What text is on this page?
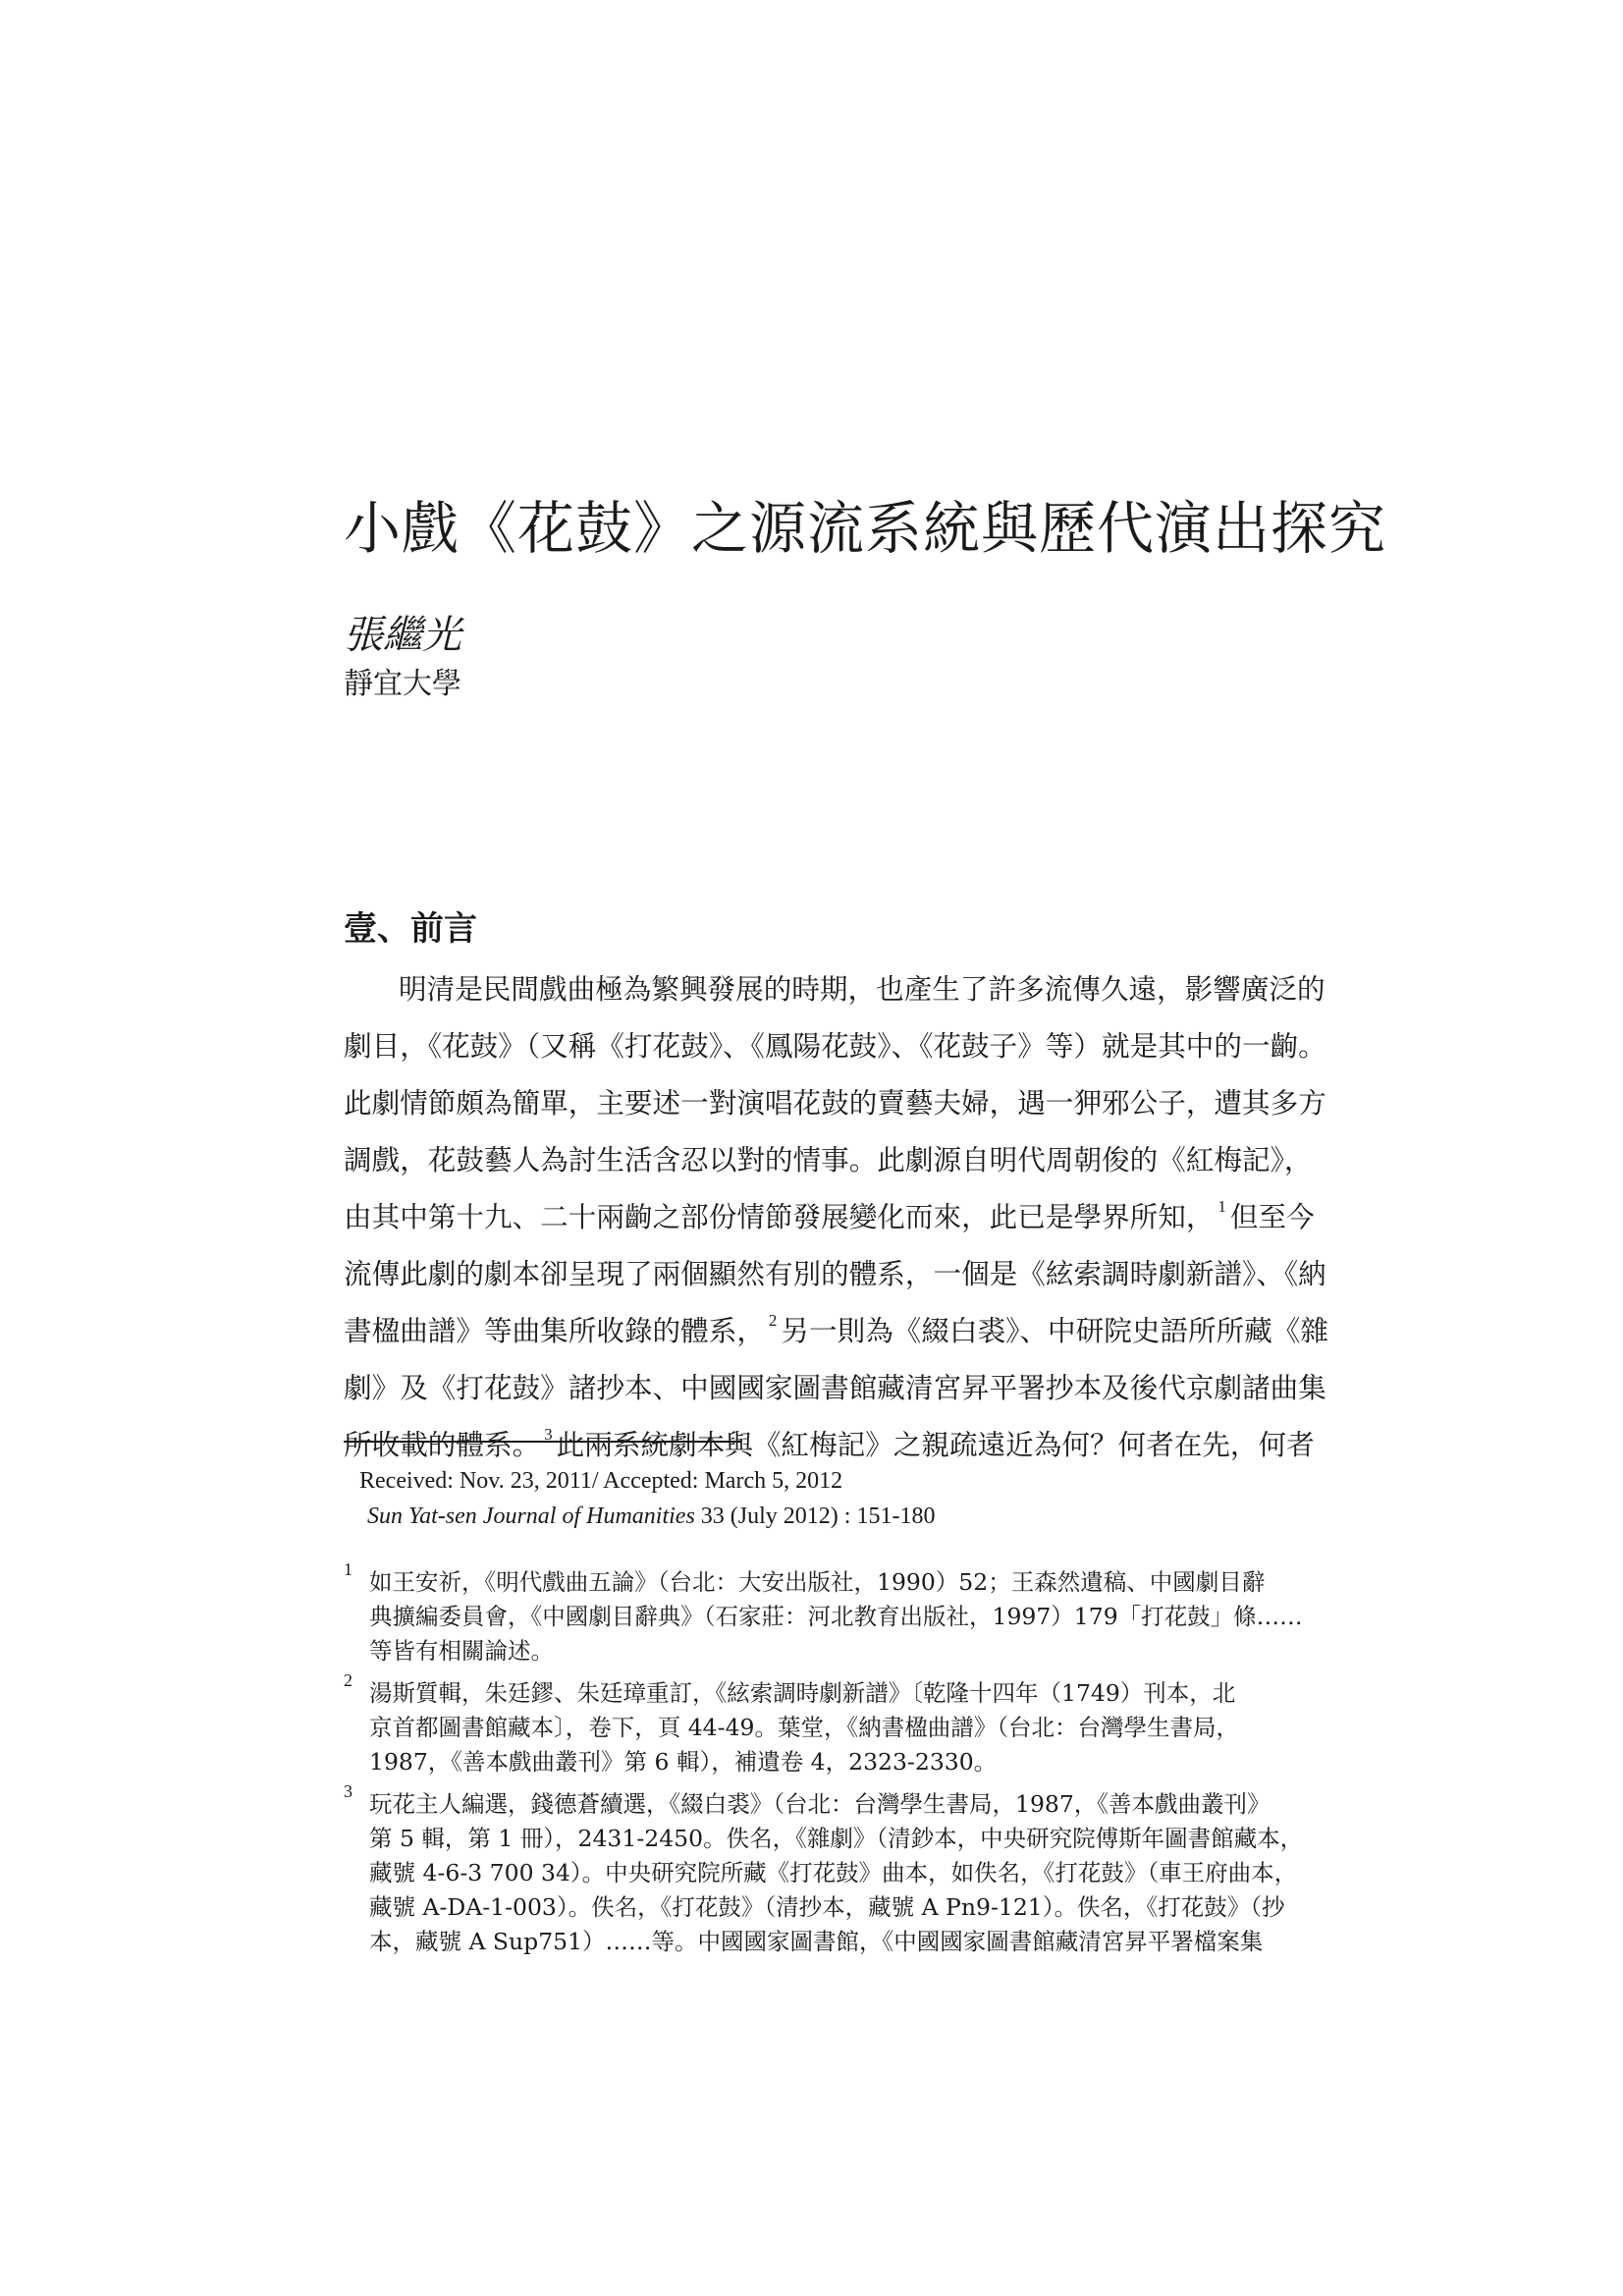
小戲《花鼓》之源流系統與歷代演出探究
張繼光
靜宜大學
壹、前言
明清是民間戲曲極為繁興發展的時期，也產生了許多流傳久遠，影響廣泛的
劇目，《花鼓》（又稱《打花鼓》、《鳳陽花鼓》、《花鼓子》等）就是其中的一齣。
此劇情節頗為簡單，主要述一對演唱花鼓的賣藝夫婦，遇一狎邪公子，遭其多方
調戲，花鼓藝人為討生活含忍以對的情事。此劇源自明代周朝俊的《紅梅記》，
由其中第十九、二十兩齣之部份情節發展變化而來，此已是學界所知， $^1$ 但至今
流傳此劇的劇本卻呈現了兩個顯然有別的體系，一個是《絃索調時劇新譜》、《納
書楹曲譜》等曲集所收錄的體系， $^2$ 另一則為《綴白裘》、中研院史語所所藏《雜
劇》及《打花鼓》諸抄本、中國國家圖書館藏清宮昇平署抄本及後代京劇諸曲集
所收載的體系。 $^3$ 此兩系統劇本與《紅梅記》之親疏遠近為何？何者在先，何者
Received: Nov. 23, 2011/ Accepted: March 5, 2012
Sun Yat-sen Journal of Humanities 33 (July 2012) : 151-180
1 如王安祈，《明代戲曲五論》（台北：大安出版社，1990）52；王森然遺稿、中國劇目辭
典擴編委員會，《中國劇目辭典》（石家莊：河北教育出版社，1997）179「打花鼓」條……
等皆有相關論述。
2 湯斯質輯，朱廷鏐、朱廷璋重訂，《絃索調時劇新譜》〔乾隆十四年（1749）刊本，北
京首都圖書館藏本〕，卷下，頁 44-49。葉堂，《納書楹曲譜》（台北：台灣學生書局，
1987，《善本戲曲叢刊》第 6 輯），補遺卷 4，2323-2330。
3 玩花主人編選，錢德蒼續選，《綴白裘》（台北：台灣學生書局，1987，《善本戲曲叢刊》
第 5 輯，第 1 冊），2431-2450。佚名，《雜劇》（清鈔本，中央研究院傅斯年圖書館藏本，
藏號 4-6-3 700 34）。中央研究院所藏《打花鼓》曲本，如佚名，《打花鼓》（車王府曲本，
藏號 A-DA-1-003）。佚名，《打花鼓》（清抄本，藏號 A Pn9-121）。佚名，《打花鼓》（抄
本，藏號 A Sup751）……等。中國國家圖書館，《中國國家圖書館藏清宮昇平署檔案集
